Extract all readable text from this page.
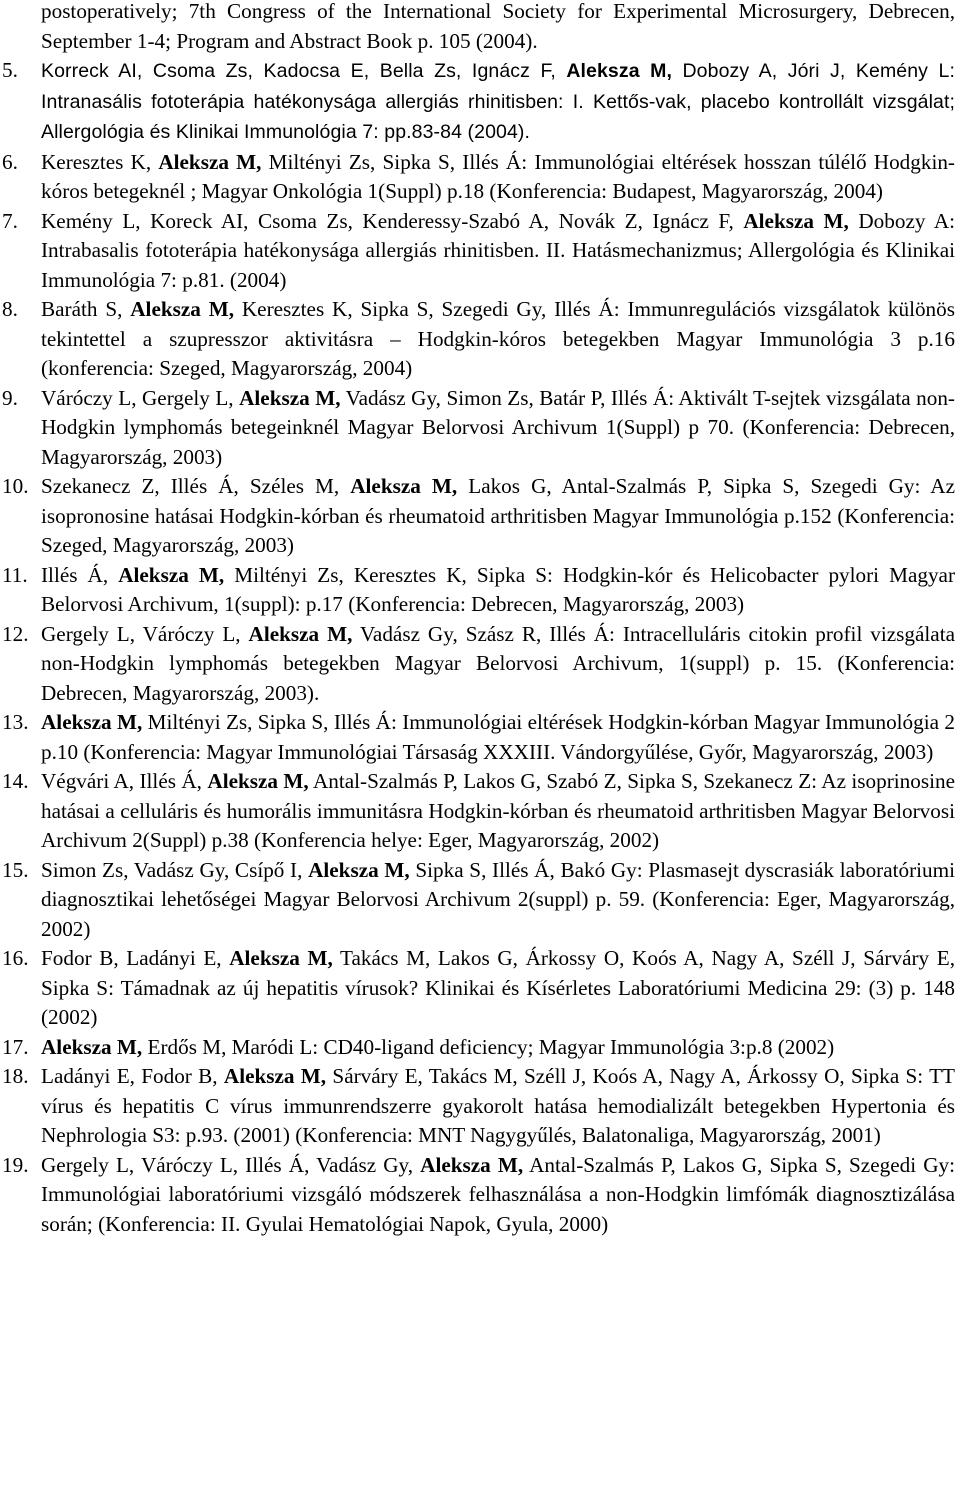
postoperatively; 7th Congress of the International Society for Experimental Microsurgery, Debrecen, September 1-4; Program and Abstract Book p. 105 (2004).

5. Korreck AI, Csoma Zs, Kadocsa E, Bella Zs, Ignácz F, Aleksza M, Dobozy A, Jóri J, Kemény L: Intranasális fototerápia hatékonysága allergiás rhinitisben: I. Kettős-vak, placebo kontrollált vizsgálat; Allergológia és Klinikai Immunológia 7: pp.83-84 (2004).
6. Keresztes K, Aleksza M, Miltényi Zs, Sipka S, Illés Á: Immunológiai eltérések hosszan túlélő Hodgkin-kóros betegeknél ; Magyar Onkológia 1(Suppl) p.18 (Konferencia: Budapest, Magyarország, 2004)
7. Kemény L, Koreck AI, Csoma Zs, Kenderessy-Szabó A, Novák Z, Ignácz F, Aleksza M, Dobozy A: Intrabasalis fototerápia hatékonysága allergiás rhinitisben. II. Hatásmechanizmus; Allergológia és Klinikai Immunológia 7: p.81. (2004)
8. Baráth S, Aleksza M, Keresztes K, Sipka S, Szegedi Gy, Illés Á: Immunregulációs vizsgálatok különös tekintettel a szupresszor aktivitásra – Hodgkin-kóros betegekben Magyar Immunológia 3 p.16 (konferencia: Szeged, Magyarország, 2004)
9. Váróczy L, Gergely L, Aleksza M, Vadász Gy, Simon Zs, Batár P, Illés Á: Aktivált T-sejtek vizsgálata non-Hodgkin lymphomás betegeinknél Magyar Belorvosi Archivum 1(Suppl) p 70. (Konferencia: Debrecen, Magyarország, 2003)
10. Szekanecz Z, Illés Á, Széles M, Aleksza M, Lakos G, Antal-Szalmás P, Sipka S, Szegedi Gy: Az isopronosine hatásai Hodgkin-kórban és rheumatoid arthritisben Magyar Immunológia p.152 (Konferencia: Szeged, Magyarország, 2003)
11. Illés Á, Aleksza M, Miltényi Zs, Keresztes K, Sipka S: Hodgkin-kór és Helicobacter pylori Magyar Belorvosi Archivum, 1(suppl): p.17 (Konferencia: Debrecen, Magyarország, 2003)
12. Gergely L, Váróczy L, Aleksza M, Vadász Gy, Szász R, Illés Á: Intracelluláris citokin profil vizsgálata non-Hodgkin lymphomás betegekben Magyar Belorvosi Archivum, 1(suppl) p. 15. (Konferencia: Debrecen, Magyarország, 2003).
13. Aleksza M, Miltényi Zs, Sipka S, Illés Á: Immunológiai eltérések Hodgkin-kórban Magyar Immunológia 2 p.10 (Konferencia: Magyar Immunológiai Társaság XXXIII. Vándorgyűlése, Győr, Magyarország, 2003)
14. Végvári A, Illés Á, Aleksza M, Antal-Szalmás P, Lakos G, Szabó Z, Sipka S, Szekanecz Z: Az isoprinosine hatásai a celluláris és humorális immunitásra Hodgkin-kórban és rheumatoid arthritisben Magyar Belorvosi Archivum 2(Suppl) p.38 (Konferencia helye: Eger, Magyarország, 2002)
15. Simon Zs, Vadász Gy, Csípő I, Aleksza M, Sipka S, Illés Á, Bakó Gy: Plasmasejt dyscrasiák laboratóriumi diagnosztikai lehetőségei Magyar Belorvosi Archivum 2(suppl) p. 59. (Konferencia: Eger, Magyarország, 2002)
16. Fodor B, Ladányi E, Aleksza M, Takács M, Lakos G, Árkossy O, Koós A, Nagy A, Széll J, Sárváry E, Sipka S: Támadnak az új hepatitis vírusok? Klinikai és Kísérletes Laboratóriumi Medicina 29: (3) p. 148 (2002)
17. Aleksza M, Erdős M, Maródi L: CD40-ligand deficiency; Magyar Immunológia 3:p.8 (2002)
18. Ladányi E, Fodor B, Aleksza M, Sárváry E, Takács M, Széll J, Koós A, Nagy A, Árkossy O, Sipka S: TT vírus és hepatitis C vírus immunrendszerre gyakorolt hatása hemodializált betegekben Hypertonia és Nephrologia S3: p.93. (2001) (Konferencia: MNT Nagygyűlés, Balatonaliga, Magyarország, 2001)
19. Gergely L, Váróczy L, Illés Á, Vadász Gy, Aleksza M, Antal-Szalmás P, Lakos G, Sipka S, Szegedi Gy: Immunológiai laboratóriumi vizsgáló módszerek felhasználása a non-Hodgkin limfómák diagnosztizálása során; (Konferencia: II. Gyulai Hematológiai Napok, Gyula, 2000)
